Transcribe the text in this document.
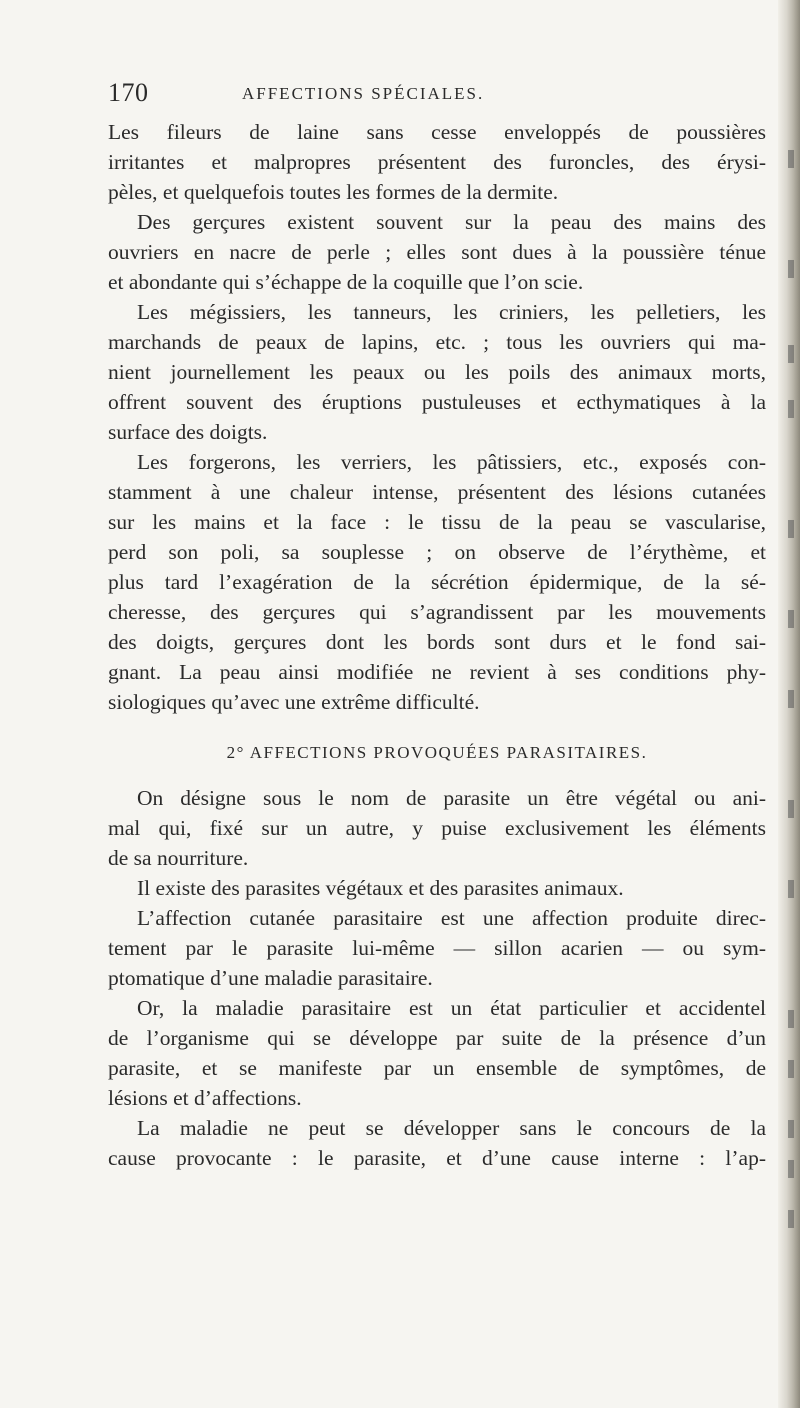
170	AFFECTIONS SPÉCIALES.
Les fileurs de laine sans cesse enveloppés de poussières
irritantes et malpropres présentent des furoncles, des érysi-
pèles, et quelquefois toutes les formes de la dermite.
Des gerçures existent souvent sur la peau des mains des
ouvriers en nacre de perle ; elles sont dues à la poussière ténue
et abondante qui s’échappe de la coquille que l’on scie.
Les mégissiers, les tanneurs, les criniers, les pelletiers, les
marchands de peaux de lapins, etc. ; tous les ouvriers qui ma-
nient journellement les peaux ou les poils des animaux morts,
offrent souvent des éruptions pustuleuses et ecthymatiques à la
surface des doigts.
Les forgerons, les verriers, les pâtissiers, etc., exposés con-
stamment à une chaleur intense, présentent des lésions cutanées
sur les mains et la face : le tissu de la peau se vascularise,
perd son poli, sa souplesse ; on observe de l’érythème, et
plus tard l’exagération de la sécrétion épidermique, de la sé-
cheresse, des gerçures qui s’agrandissent par les mouvements
des doigts, gerçures dont les bords sont durs et le fond sai-
gnant. La peau ainsi modifiée ne revient à ses conditions phy-
siologiques qu’avec une extrême difficulté.
2° AFFECTIONS PROVOQUÉES PARASITAIRES.
On désigne sous le nom de parasite un être végétal ou ani-
mal qui, fixé sur un autre, y puise exclusivement les éléments
de sa nourriture.
Il existe des parasites végétaux et des parasites animaux.
L’affection cutanée parasitaire est une affection produite direc-
tement par le parasite lui-même — sillon acarien — ou sym-
ptomatique d’une maladie parasitaire.
Or, la maladie parasitaire est un état particulier et accidentel
de l’organisme qui se développe par suite de la présence d’un
parasite, et se manifeste par un ensemble de symptômes, de
lésions et d’affections.
La maladie ne peut se développer sans le concours de la
cause provocante : le parasite, et d’une cause interne : l’ap-
